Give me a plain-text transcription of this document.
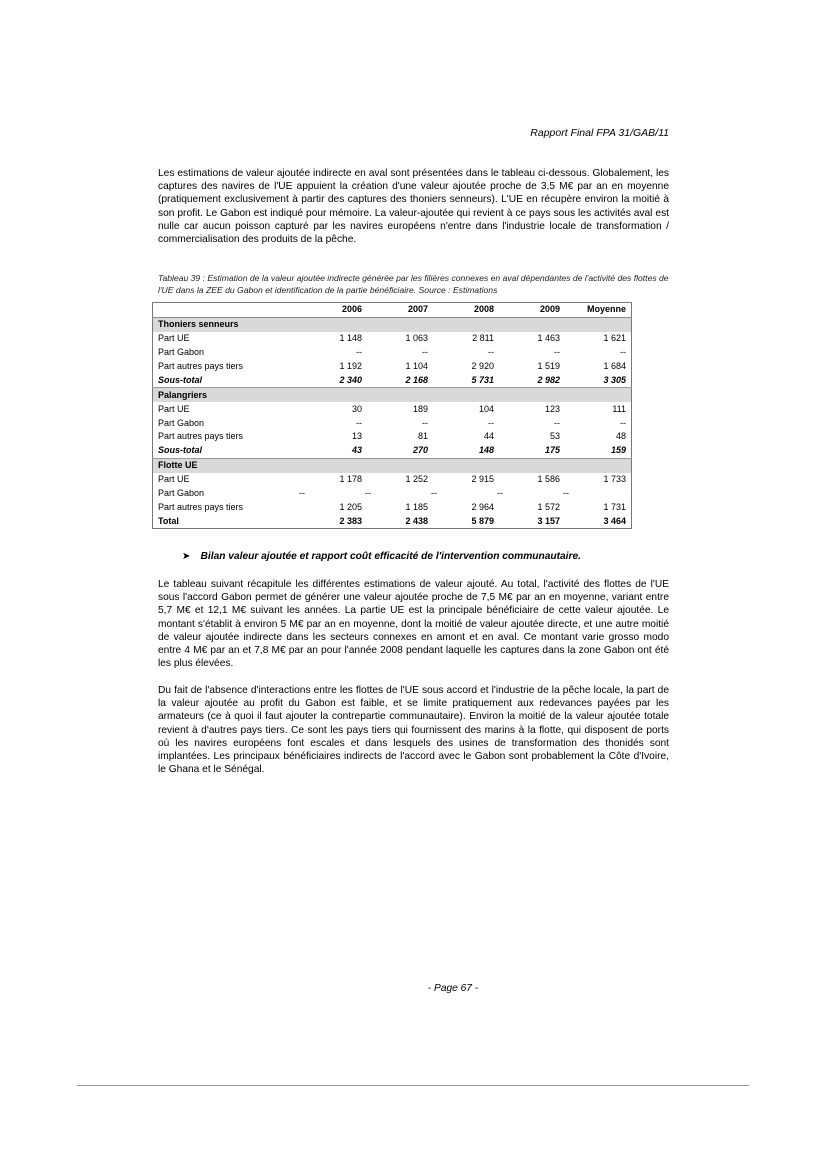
Rapport Final FPA 31/GAB/11

Les estimations de valeur ajoutée indirecte en aval sont présentées dans le tableau ci-dessous. Globalement, les captures des navires de l'UE appuient la création d'une valeur ajoutée proche de 3,5 M€ par an en moyenne (pratiquement exclusivement à partir des captures des thoniers senneurs). L'UE en récupère environ la moitié à son profit. Le Gabon est indiqué pour mémoire. La valeur-ajoutée qui revient à ce pays sous les activités aval est nulle car aucun poisson capturé par les navires européens n'entre dans l'industrie locale de transformation / commercialisation des produits de la pêche.

Tableau 39 : Estimation de la valeur ajoutée indirecte générée par les filières connexes en aval dépendantes de l'activité des flottes de l'UE dans la ZEE du Gabon et identification de la partie bénéficiaire. Source : Estimations
	2006	2007	2008	2009	Moyenne
Thoniers senneurs					
Part UE	1 148	1 063	2 811	1 463	1 621
Part Gabon	--	--	--	--	--
Part autres pays tiers	1 192	1 104	2 920	1 519	1 684
Sous-total	2 340	2 168	5 731	2 982	3 305
Palangriers					
Part UE	30	189	104	123	111
Part Gabon	--	--	--	--	--
Part autres pays tiers	13	81	44	53	48
Sous-total	43	270	148	175	159
Flotte UE					
Part UE	1 178	1 252	2 915	1 586	1 733
Part Gabon	--	--	--	--	--
Part autres pays tiers	1 205	1 185	2 964	1 572	1 731
Total	2 383	2 438	5 879	3 157	3 464
➤ Bilan valeur ajoutée et rapport coût efficacité de l'intervention communautaire.

Le tableau suivant récapitule les différentes estimations de valeur ajouté. Au total, l'activité des flottes de l'UE sous l'accord Gabon permet de générer une valeur ajoutée proche de 7,5 M€ par an en moyenne, variant entre 5,7 M€ et 12,1 M€ suivant les années. La partie UE est la principale bénéficiaire de cette valeur ajoutée. Le montant s'établit à environ 5 M€ par an en moyenne, dont la moitié de valeur ajoutée directe, et une autre moitié de valeur ajoutée indirecte dans les secteurs connexes en amont et en aval. Ce montant varie grosso modo entre 4 M€ par an et 7,8 M€ par an pour l'année 2008 pendant laquelle les captures dans la zone Gabon ont été les plus élevées.

Du fait de l'absence d'interactions entre les flottes de l'UE sous accord et l'industrie de la pêche locale, la part de la valeur ajoutée au profit du Gabon est faible, et se limite pratiquement aux redevances payées par les armateurs (ce à quoi il faut ajouter la contrepartie communautaire). Environ la moitié de la valeur ajoutée totale revient à d'autres pays tiers. Ce sont les pays tiers qui fournissent des marins à la flotte, qui disposent de ports où les navires européens font escales et dans lesquels des usines de transformation des thonidés sont implantées. Les principaux bénéficiaires indirects de l'accord avec le Gabon sont probablement la Côte d'Ivoire, le Ghana et le Sénégal.

- Page 67 -
